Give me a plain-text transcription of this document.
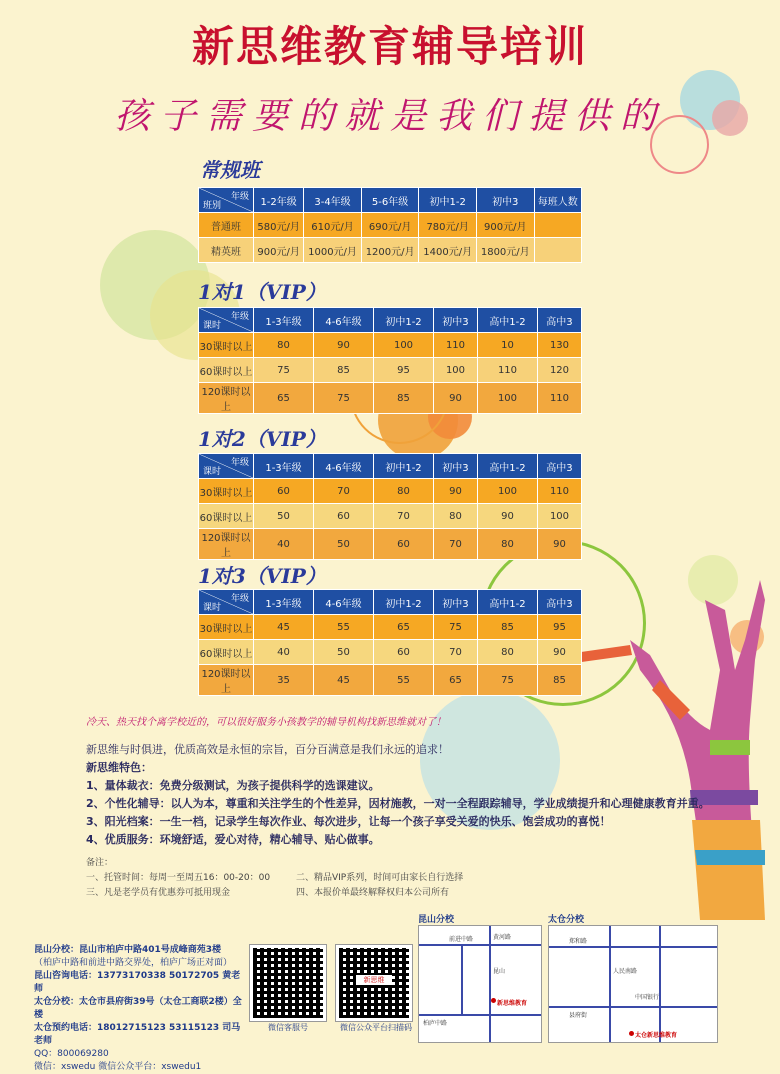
新思维教育辅导培训
孩子需要的就是我们提供的
常规班
年级
班别	1-2年级	3-4年级	5-6年级	初中1-2	初中3	每班人数
普通班	580元/月	610元/月	690元/月	780元/月	900元/月	
精英班	900元/月	1000元/月	1200元/月	1400元/月	1800元/月	
1对1（VIP）
年级
课时	1-3年级	4-6年级	初中1-2	初中3	高中1-2	高中3
30课时以上	80	90	100	110	10	130
60课时以上	75	85	95	100	110	120
120课时以上	65	75	85	90	100	110
1对2（VIP）
年级
课时	1-3年级	4-6年级	初中1-2	初中3	高中1-2	高中3
30课时以上	60	70	80	90	100	110
60课时以上	50	60	70	80	90	100
120课时以上	40	50	60	70	80	90
1对3（VIP）
年级
课时	1-3年级	4-6年级	初中1-2	初中3	高中1-2	高中3
30课时以上	45	55	65	75	85	95
60课时以上	40	50	60	70	80	90
120课时以上	35	45	55	65	75	85
冷天、热天找个离学校近的，可以很好服务小孩教学的辅导机构找新思维就对了！
新思维与时俱进，优质高效是永恒的宗旨，百分百满意是我们永远的追求！
新思维特色：
1、量体裁衣：免费分级测试，为孩子提供科学的选课建议。
2、个性化辅导：以人为本，尊重和关注学生的个性差异，因材施教，一对一全程跟踪辅导，学业成绩提升和心理健康教育并重。
3、阳光档案：一生一档，记录学生每次作业、每次进步，让每一个孩子享受关爱的快乐、饱尝成功的喜悦！
4、优质服务：环境舒适，爱心对待，精心辅导、贴心做事。
备注：
一、托管时间：每周一至周五16：00-20：00	二、精品VIP系列，时间可由家长自行选择
三、凡是老学员有优惠券可抵用现金	四、本报价单最终解释权归本公司所有
昆山分校：昆山市柏庐中路401号成峰商苑3楼
（柏庐中路和前进中路交界处，柏庐广场正对面）
昆山咨询电话：13773170338 50172705 黄老师
太仓分校：太仓市县府街39号（太仓工商联2楼）全楼
太仓预约电话：18012715123 53115123 司马老师
QQ：800069280
微信：xswedu 微信公众平台：xswedu1
微信客服号
新思维
微信公众平台扫描码
昆山分校
前进中路
柏庐中路
昆山
黄河路
新思维教育
太仓分校
郑和路
人民南路
县府街
中国银行
太仓新思维教育
